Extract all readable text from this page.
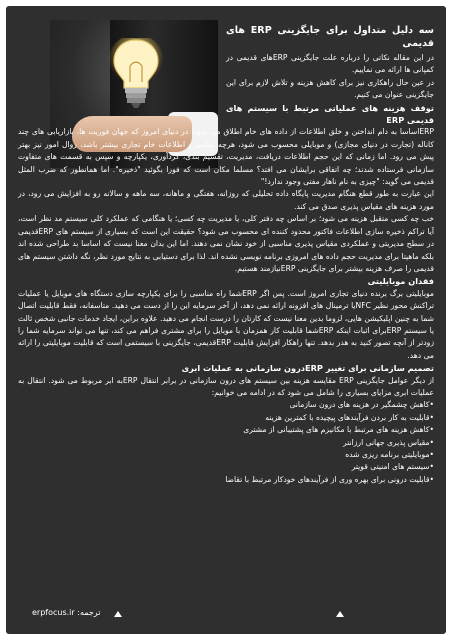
سه دلیل متداول برای جایگزینی ERP های قدیمی

در این مقاله نکاتی را درباره علت جایگزینی ERPهای قدیمی در کمپانی ها ارائه می نماییم.

در عین حال راهکاری نیز برای کاهش هزینه و تلاش لازم برای این جایگزینی عنوان می کنیم.

توقف هزینه های عملیاتی مرتبط با سیستم های قدیمی ERP

ERPاساسا به دام انداختن و خلق اطلاعات از داده های خام اطلاق می شود؛ در دنیای امروز که جهان فوریت ها، بازاریابی های چند کاناله (تجارت در دنیای مجازی) و موبایلی محسوب می شود، هرچه عناصر و اطلاعات خام تجاری بیشتر باشد، روال امور نیز بهتر پیش می رود. اما زمانی که این حجم اطلاعات دریافت، مدیریت، تقسیم بندی، گردآوری، یکپارچه و سپس به قسمت های متفاوت سازمانی فرستاده شدند؛ چه اتفاقی برایشان می افتد؟ مسلما مکان است که فورا بگوئید "ذخیره". اما همانطور که ضرب المثل قدیمی می گوید: "چیزی به نام ناهار مفتی وجود ندارد!"

این عبارت به طور قطع هنگام مدیریت پایگاه داده تحلیلی که روزانه، هفتگی و ماهانه، سه ماهه و سالانه رو به افزایش می رود، در مورد هزینه های مقیاس پذیری صدق می کند.

خب چه کسی متقبل هزینه می شود؛ بر اساس چه دفتر کلی، یا مدیریت چه کسی؛ یا هنگامی که عملکرد کلی سیستم مد نظر است، آیا تراکم ذخیره سازی اطلاعات فاکتور محدود کننده ای محسوب می شود؟ حقیقت این است که بسیاری از سیستم های ERPقدیمی در سطح مدیریتی و عملکردی مقیاس پذیری مناسبی از خود نشان نمی دهند. اما این بدان معنا نیست که اساسا بد طراحی شده اند بلکه ماهیتا برای مدیریت حجم داده های امروزی برنامه نویسی نشده اند. لذا برای دستیابی به نتایج مورد نظر، نگه داشتن سیستم های قدیمی را صرف هزینه بیشتر برای جایگزینی ERPنیازمند هستیم.

فقدان موبایلیتی

موبایلیتی برگ برنده دنیای تجاری امروز است. پس اگر ERPشما راه مناسبی را برای یکپارچه سازی دستگاه های موبایل یا عملیات تراکنش محور نظیر NFCیا ترمینال های افزونه ارائه نمی دهد، از آخر سرمایه این را از دست می دهید. متاسفانه، فقط قابلیت اتصال شما به چنین اپلیکیشن هایی، لزوما بدین معنا نیست که کارتان را درست انجام می دهید. علاوه براین، ایجاد خدمات جانبی شخص ثالث یا سیستم ERPبرای اثبات اینکه ERPشما قابلیت کار همزمان با موبایل را برای مشتری فراهم می کند، تنها می تواند سرمایه شما را زودتر از آنچه تصور کنید به هدر بدهد. تنها راهکار افزایش قابلیت ERPقدیمی، جایگزینی با سیستمی است که قابلیت موبایلیتی را ارائه می دهد.

تصمیم سازمانی برای تغییر ERPدرون سازمانی به عملیات ابری

از دیگر عوامل جایگزینی ERP مقایسه هزینه بین سیستم های درون سازمانی در برابر انتقال ERPبه ابر مربوط می شود. انتقال به عملیات ابری مزایای بسیاری را شامل می شود که در ادامه می خوانیم:

•کاهش چشمگیر در هزینه های درون سازمانی
•قابلیت به کار بردن فرآیندهای پیچیده با کمترین هزینه
•کاهش هزینه های مرتبط با مکانیزم های پشتیبانی از مشتری
•مقیاس پذیری جهانی ارزانتر
•موبایلیتی برنامه ریزی شده
•سیستم های امنیتی قویتر
•قابلیت درونی برای بهره وری از فرآیندهای خودکار مرتبط با تقاضا
ترجمه: erpfocus.ir
